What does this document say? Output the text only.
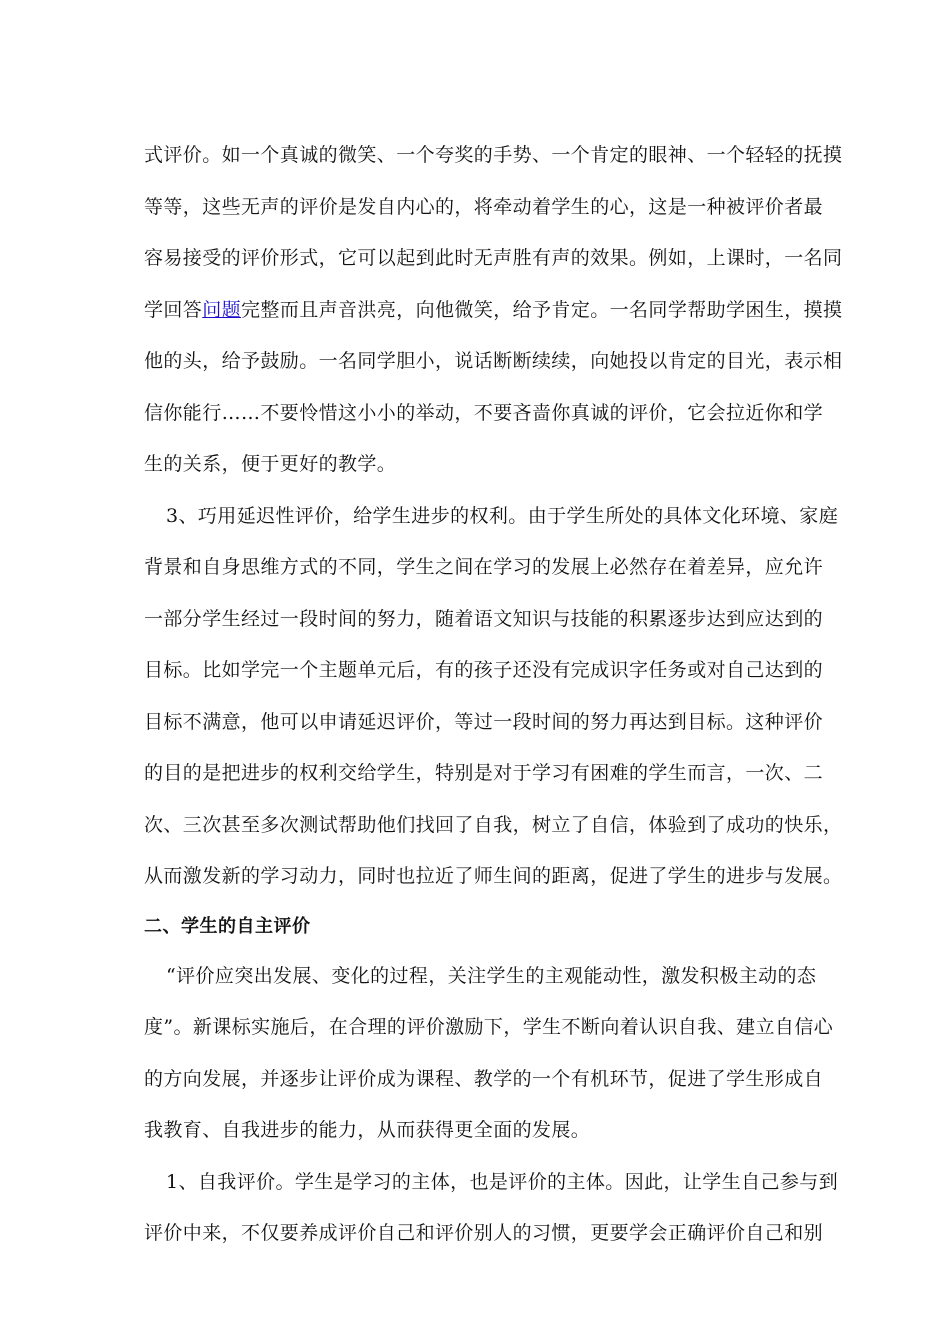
式评价。如一个真诚的微笑、一个夸奖的手势、一个肯定的眼神、一个轻轻的抚摸
等等，这些无声的评价是发自内心的，将牵动着学生的心，这是一种被评价者最
容易接受的评价形式，它可以起到此时无声胜有声的效果。例如，上课时，一名同
学回答问题完整而且声音洪亮，向他微笑，给予肯定。一名同学帮助学困生，摸摸
他的头，给予鼓励。一名同学胆小，说话断断续续，向她投以肯定的目光，表示相
信你能行……不要怜惜这小小的举动，不要吝啬你真诚的评价，它会拉近你和学
生的关系，便于更好的教学。
3、巧用延迟性评价，给学生进步的权利。由于学生所处的具体文化环境、家庭
背景和自身思维方式的不同，学生之间在学习的发展上必然存在着差异，应允许
一部分学生经过一段时间的努力，随着语文知识与技能的积累逐步达到应达到的
目标。比如学完一个主题单元后，有的孩子还没有完成识字任务或对自己达到的
目标不满意，他可以申请延迟评价，等过一段时间的努力再达到目标。这种评价
的目的是把进步的权利交给学生，特别是对于学习有困难的学生而言，一次、二
次、三次甚至多次测试帮助他们找回了自我，树立了自信，体验到了成功的快乐，
从而激发新的学习动力，同时也拉近了师生间的距离，促进了学生的进步与发展。
二、学生的自主评价
“评价应突出发展、变化的过程，关注学生的主观能动性，激发积极主动的态
度”。新课标实施后，在合理的评价激励下，学生不断向着认识自我、建立自信心
的方向发展，并逐步让评价成为课程、教学的一个有机环节，促进了学生形成自
我教育、自我进步的能力，从而获得更全面的发展。
1、自我评价。学生是学习的主体，也是评价的主体。因此，让学生自己参与到
评价中来，不仅要养成评价自己和评价别人的习惯，更要学会正确评价自己和别
